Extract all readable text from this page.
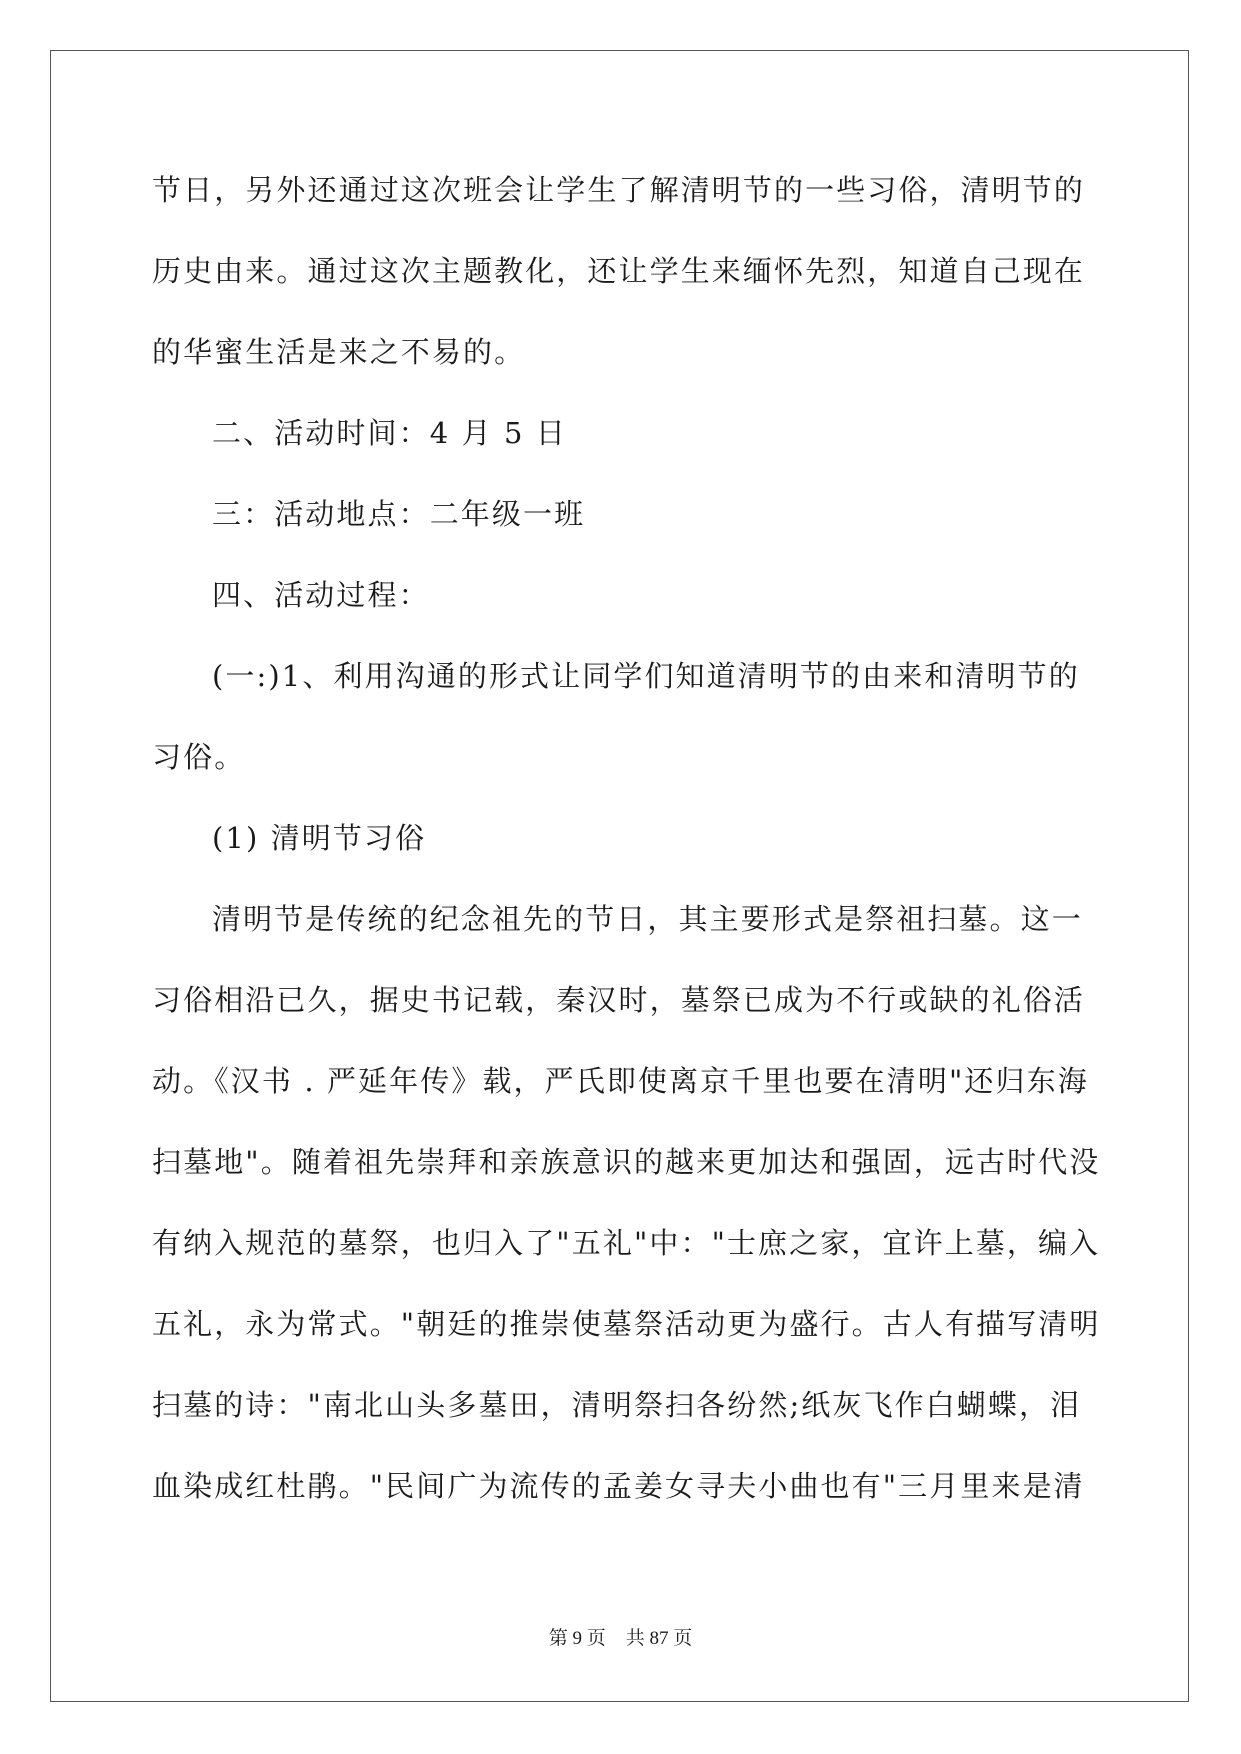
节日，另外还通过这次班会让学生了解清明节的一些习俗，清明节的
历史由来。通过这次主题教化，还让学生来缅怀先烈，知道自己现在
的华蜜生活是来之不易的。
二、活动时间：4 月 5 日
三：活动地点：二年级一班
四、活动过程：
(一:)1、利用沟通的形式让同学们知道清明节的由来和清明节的
习俗。
(1) 清明节习俗
清明节是传统的纪念祖先的节日，其主要形式是祭祖扫墓。这一
习俗相沿已久，据史书记载，秦汉时，墓祭已成为不行或缺的礼俗活
动。《汉书 . 严延年传》载，严氏即使离京千里也要在清明"还归东海
扫墓地"。随着祖先崇拜和亲族意识的越来更加达和强固，远古时代没
有纳入规范的墓祭，也归入了"五礼"中："士庶之家，宜许上墓，编入
五礼，永为常式。"朝廷的推崇使墓祭活动更为盛行。古人有描写清明
扫墓的诗："南北山头多墓田，清明祭扫各纷然;纸灰飞作白蝴蝶，泪
血染成红杜鹃。"民间广为流传的孟姜女寻夫小曲也有"三月里来是清
第 9 页 共 87 页
